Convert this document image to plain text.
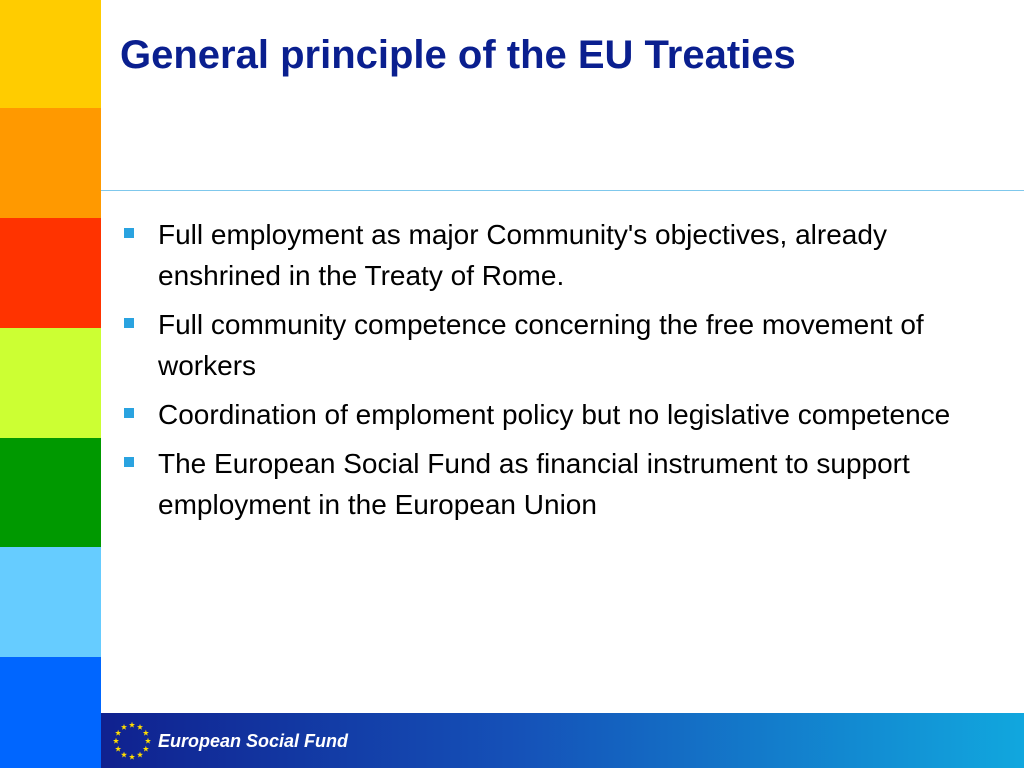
General principle of the EU Treaties
Full employment as major Community's objectives, already enshrined in the Treaty of Rome.
Full community competence concerning the free movement of workers
Coordination of emploment policy but no legislative competence
The European Social Fund as financial instrument to support employment in the European Union
European Social Fund
